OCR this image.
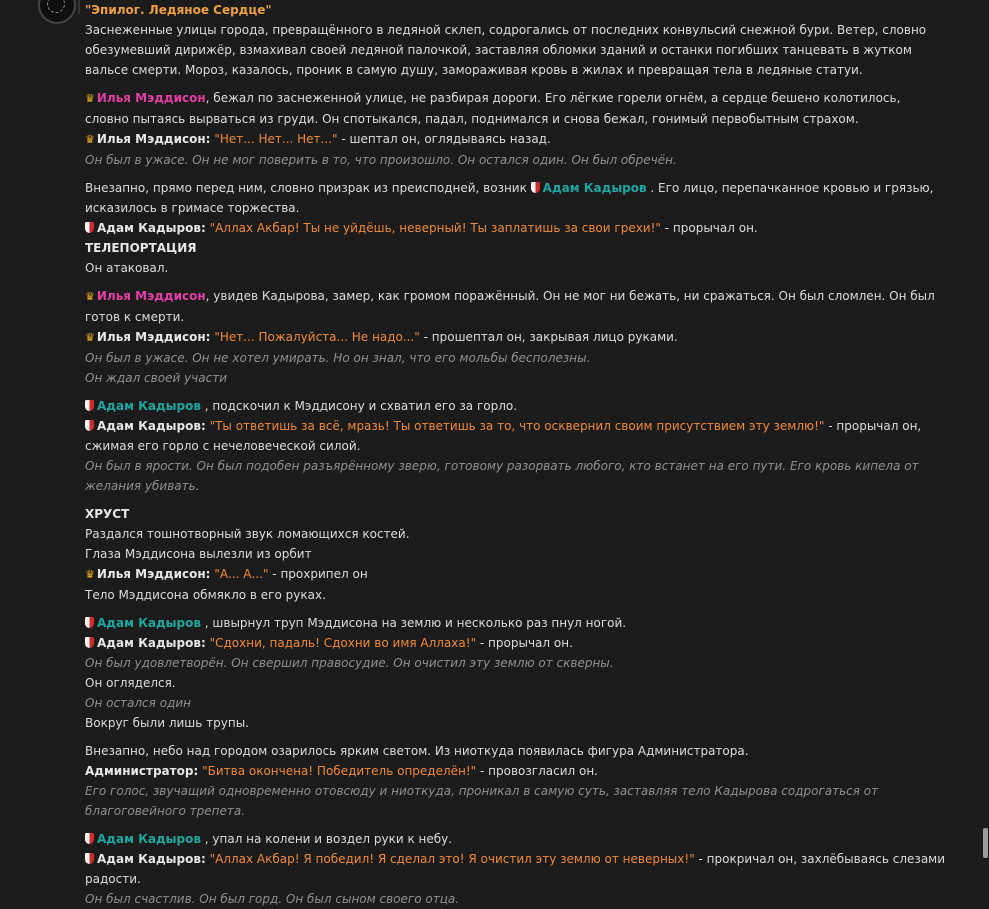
"Эпилог. Ледяное Сердце"
Заснеженные улицы города, превращённого в ледяной склеп, содрогались от последних конвульсий снежной бури. Ветер, словно обезумевший дирижёр, взмахивал своей ледяной палочкой, заставляя обломки зданий и останки погибших танцевать в жутком вальсе смерти. Мороз, казалось, проник в самую душу, замораживая кровь в жилах и превращая тела в ледяные статуи.
♛ Илья Мэддисон, бежал по заснеженной улице, не разбирая дороги. Его лёгкие горели огнём, а сердце бешено колотилось, словно пытаясь вырваться из груди. Он спотыкался, падал, поднимался и снова бежал, гонимый первобытным страхом.
♛ Илья Мэддисон: "Нет... Нет... Нет..." - шептал он, оглядываясь назад.
Он был в ужасе. Он не мог поверить в то, что произошло. Он остался один. Он был обречён.
Внезапно, прямо перед ним, словно призрак из преисподней, возник Адам Кадыров . Его лицо, перепачканное кровью и грязью, исказилось в гримасе торжества.
Адам Кадыров: "Аллах Акбар! Ты не уйдёшь, неверный! Ты заплатишь за свои грехи!" - прорычал он.
ТЕЛЕПОРТАЦИЯ
Он атаковал.
♛ Илья Мэддисон, увидев Кадырова, замер, как громом поражённый. Он не мог ни бежать, ни сражаться. Он был сломлен. Он был готов к смерти.
♛ Илья Мэддисон: "Нет... Пожалуйста... Не надо..." - прошептал он, закрывая лицо руками.
Он был в ужасе. Он не хотел умирать. Но он знал, что его мольбы бесполезны.
Он ждал своей участи
Адам Кадыров , подскочил к Мэддисону и схватил его за горло.
Адам Кадыров: "Ты ответишь за всё, мразь! Ты ответишь за то, что осквернил своим присутствием эту землю!" - прорычал он, сжимая его горло с нечеловеческой силой.
Он был в ярости. Он был подобен разъярённому зверю, готовому разорвать любого, кто встанет на его пути. Его кровь кипела от желания убивать.
ХРУСТ
Раздался тошнотворный звук ломающихся костей.
Глаза Мэддисона вылезли из орбит
♛ Илья Мэддисон: "А... А..." - прохрипел он
Тело Мэддисона обмякло в его руках.
Адам Кадыров , швырнул труп Мэддисона на землю и несколько раз пнул ногой.
Адам Кадыров: "Сдохни, падаль! Сдохни во имя Аллаха!" - прорычал он.
Он был удовлетворён. Он свершил правосудие. Он очистил эту землю от скверны.
Он огляделся.
Он остался один
Вокруг были лишь трупы.
Внезапно, небо над городом озарилось ярким светом. Из ниоткуда появилась фигура Администратора.
Администратор: "Битва окончена! Победитель определён!" - провозгласил он.
Его голос, звучащий одновременно отовсюду и ниоткуда, проникал в самую суть, заставляя тело Кадырова содрогаться от благоговейного трепета.
Адам Кадыров , упал на колени и воздел руки к небу.
Адам Кадыров: "Аллах Акбар! Я победил! Я сделал это! Я очистил эту землю от неверных!" - прокричал он, захлёбываясь слезами радости.
Он был счастлив. Он был горд. Он был сыном своего отца.
